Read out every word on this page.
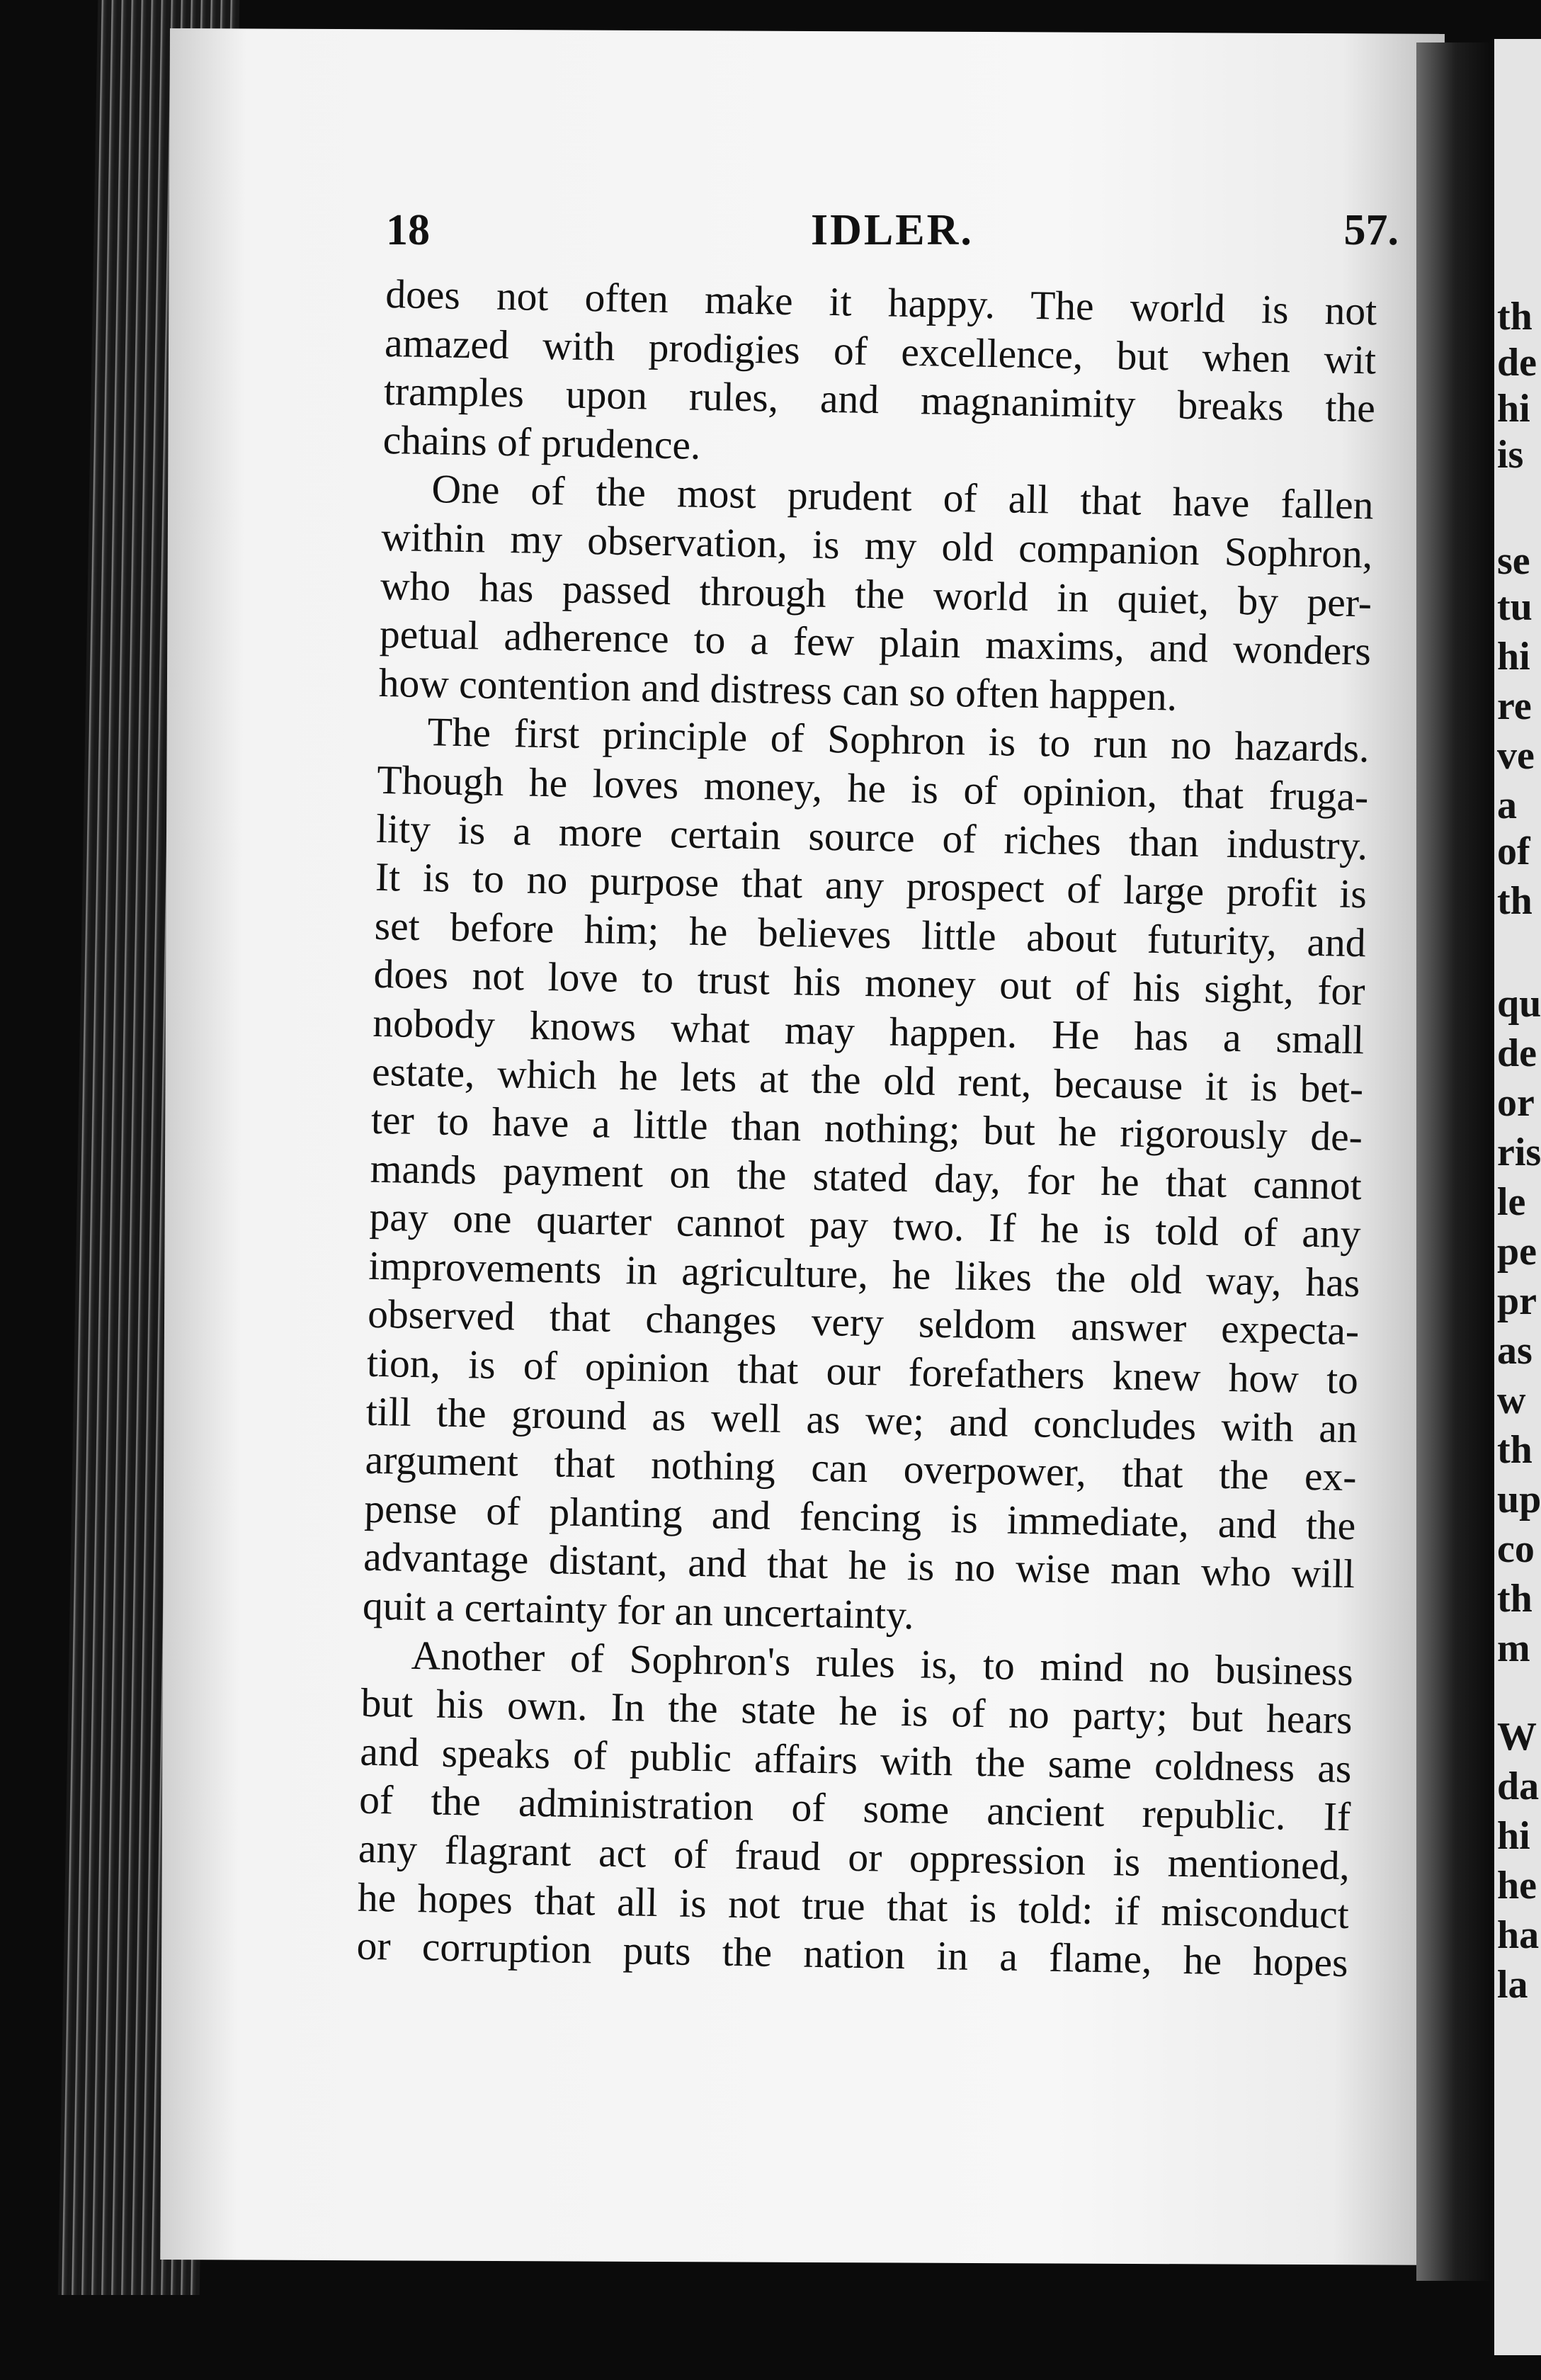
th
de
hi
is
se
tu
hi
re
ve
a
of
th
qu
de
or
ris
le
pe
pr
as
w
th
up
co
th
m
W
da
hi
he
ha
la
18	IDLER.	57.
does not often make it happy. The world is not
amazed with prodigies of excellence, but when wit
tramples upon rules, and magnanimity breaks the
chains of prudence.
One of the most prudent of all that have fallen
within my observation, is my old companion Sophron,
who has passed through the world in quiet, by per-
petual adherence to a few plain maxims, and wonders
how contention and distress can so often happen.
The first principle of Sophron is to run no hazards.
Though he loves money, he is of opinion, that fruga-
lity is a more certain source of riches than industry.
It is to no purpose that any prospect of large profit is
set before him; he believes little about futurity, and
does not love to trust his money out of his sight, for
nobody knows what may happen. He has a small
estate, which he lets at the old rent, because it is bet-
ter to have a little than nothing; but he rigorously de-
mands payment on the stated day, for he that cannot
pay one quarter cannot pay two. If he is told of any
improvements in agriculture, he likes the old way, has
observed that changes very seldom answer expecta-
tion, is of opinion that our forefathers knew how to
till the ground as well as we; and concludes with an
argument that nothing can overpower, that the ex-
pense of planting and fencing is immediate, and the
advantage distant, and that he is no wise man who will
quit a certainty for an uncertainty.
Another of Sophron's rules is, to mind no business
but his own. In the state he is of no party; but hears
and speaks of public affairs with the same coldness as
of the administration of some ancient republic. If
any flagrant act of fraud or oppression is mentioned,
he hopes that all is not true that is told: if misconduct
or corruption puts the nation in a flame, he hopes
